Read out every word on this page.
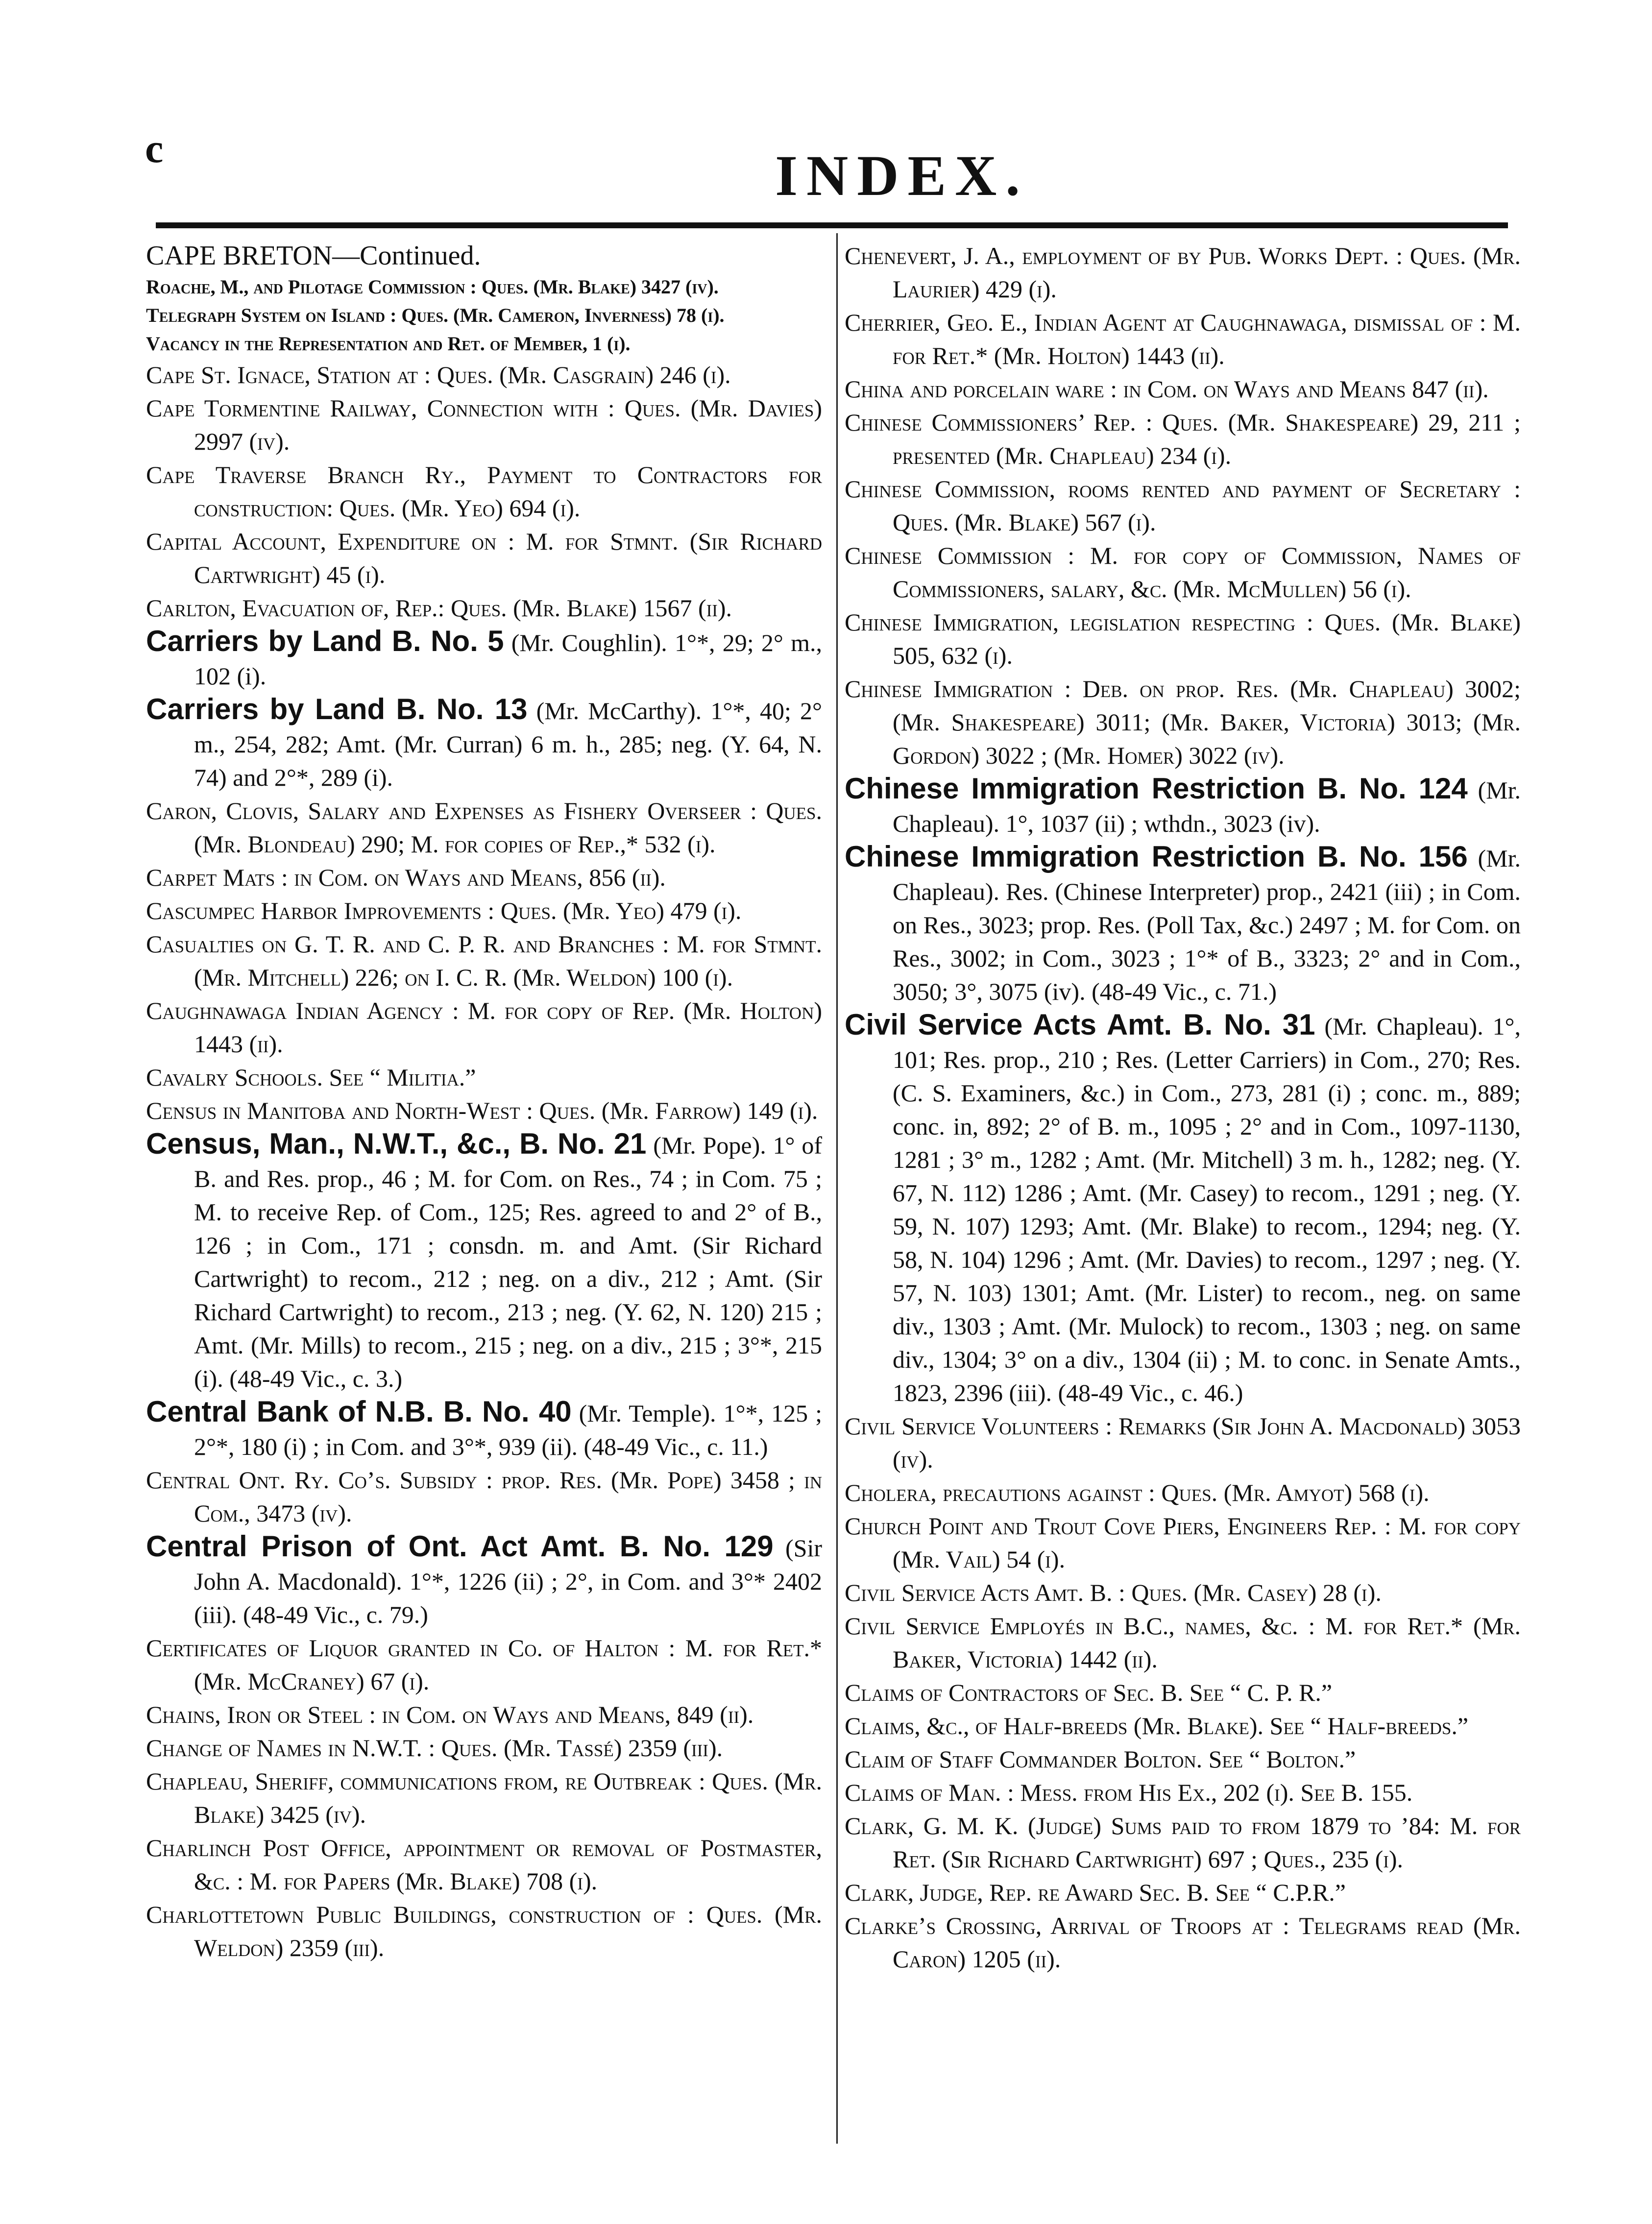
c	INDEX.
CAPE BRETON—Continued.
Roache, M., and Pilotage Commission : Ques. (Mr. Blake) 3427 (iv).
Telegraph System on Island : Ques. (Mr. Cameron, Inverness) 78 (i).
Vacancy in the Representation and Ret. of Member, 1 (i).
Cape St. Ignace, Station at : Ques. (Mr. Casgrain) 246 (i).
Cape Tormentine Railway, Connection with : Ques. (Mr. Davies) 2997 (iv).
Cape Traverse Branch Ry., Payment to Contractors for construction: Ques. (Mr. Yeo) 694 (i).
Capital Account, Expenditure on : M. for Stmnt. (Sir Richard Cartwright) 45 (i).
Carlton, Evacuation of, Rep.: Ques. (Mr. Blake) 1567 (ii).
Carriers by Land B. No. 5 (Mr. Coughlin). 1°*, 29; 2° m., 102 (i).
Carriers by Land B. No. 13 (Mr. McCarthy). 1°*, 40; 2° m., 254, 282; Amt. (Mr. Curran) 6 m. h., 285; neg. (Y. 64, N. 74) and 2°*, 289 (i).
Caron, Clovis, Salary and Expenses as Fishery Overseer : Ques. (Mr. Blondeau) 290; M. for copies of Rep.,* 532 (i).
Carpet Mats : in Com. on Ways and Means, 856 (ii).
Cascumpec Harbor Improvements : Ques. (Mr. Yeo) 479 (i).
Casualties on G. T. R. and C. P. R. and Branches : M. for Stmnt. (Mr. Mitchell) 226; on I. C. R. (Mr. Weldon) 100 (i).
Caughnawaga Indian Agency : M. for copy of Rep. (Mr. Holton) 1443 (ii).
Cavalry Schools. See “ Militia.”
Census in Manitoba and North-West : Ques. (Mr. Farrow) 149 (i).
Census, Man., N.W.T., &c., B. No. 21 (Mr. Pope). 1° of B. and Res. prop., 46 ; M. for Com. on Res., 74 ; in Com. 75 ; M. to receive Rep. of Com., 125; Res. agreed to and 2° of B., 126 ; in Com., 171 ; consdn. m. and Amt. (Sir Richard Cartwright) to recom., 212 ; neg. on a div., 212 ; Amt. (Sir Richard Cartwright) to recom., 213 ; neg. (Y. 62, N. 120) 215 ; Amt. (Mr. Mills) to recom., 215 ; neg. on a div., 215 ; 3°*, 215 (i). (48-49 Vic., c. 3.)
Central Bank of N.B. B. No. 40 (Mr. Temple). 1°*, 125 ; 2°*, 180 (i) ; in Com. and 3°*, 939 (ii). (48-49 Vic., c. 11.)
Central Ont. Ry. Co’s. Subsidy : prop. Res. (Mr. Pope) 3458 ; in Com., 3473 (iv).
Central Prison of Ont. Act Amt. B. No. 129 (Sir John A. Macdonald). 1°*, 1226 (ii) ; 2°, in Com. and 3°* 2402 (iii). (48-49 Vic., c. 79.)
Certificates of Liquor granted in Co. of Halton : M. for Ret.* (Mr. McCraney) 67 (i).
Chains, Iron or Steel : in Com. on Ways and Means, 849 (ii).
Change of Names in N.W.T. : Ques. (Mr. Tassé) 2359 (iii).
Chapleau, Sheriff, communications from, re Outbreak : Ques. (Mr. Blake) 3425 (iv).
Charlinch Post Office, appointment or removal of Postmaster, &c. : M. for Papers (Mr. Blake) 708 (i).
Charlottetown Public Buildings, construction of : Ques. (Mr. Weldon) 2359 (iii).
Chenevert, J. A., employment of by Pub. Works Dept. : Ques. (Mr. Laurier) 429 (i).
Cherrier, Geo. E., Indian Agent at Caughnawaga, dismissal of : M. for Ret.* (Mr. Holton) 1443 (ii).
China and porcelain ware : in Com. on Ways and Means 847 (ii).
Chinese Commissioners’ Rep. : Ques. (Mr. Shakespeare) 29, 211 ; presented (Mr. Chapleau) 234 (i).
Chinese Commission, rooms rented and payment of Secretary : Ques. (Mr. Blake) 567 (i).
Chinese Commission : M. for copy of Commission, Names of Commissioners, salary, &c. (Mr. McMullen) 56 (i).
Chinese Immigration, legislation respecting : Ques. (Mr. Blake) 505, 632 (i).
Chinese Immigration : Deb. on prop. Res. (Mr. Chapleau) 3002; (Mr. Shakespeare) 3011; (Mr. Baker, Victoria) 3013; (Mr. Gordon) 3022 ; (Mr. Homer) 3022 (iv).
Chinese Immigration Restriction B. No. 124 (Mr. Chapleau). 1°, 1037 (ii) ; wthdn., 3023 (iv).
Chinese Immigration Restriction B. No. 156 (Mr. Chapleau). Res. (Chinese Interpreter) prop., 2421 (iii) ; in Com. on Res., 3023; prop. Res. (Poll Tax, &c.) 2497 ; M. for Com. on Res., 3002; in Com., 3023 ; 1°* of B., 3323; 2° and in Com., 3050; 3°, 3075 (iv). (48-49 Vic., c. 71.)
Civil Service Acts Amt. B. No. 31 (Mr. Chapleau). 1°, 101; Res. prop., 210 ; Res. (Letter Carriers) in Com., 270; Res. (C. S. Examiners, &c.) in Com., 273, 281 (i) ; conc. m., 889; conc. in, 892; 2° of B. m., 1095 ; 2° and in Com., 1097-1130, 1281 ; 3° m., 1282 ; Amt. (Mr. Mitchell) 3 m. h., 1282; neg. (Y. 67, N. 112) 1286 ; Amt. (Mr. Casey) to recom., 1291 ; neg. (Y. 59, N. 107) 1293; Amt. (Mr. Blake) to recom., 1294; neg. (Y. 58, N. 104) 1296 ; Amt. (Mr. Davies) to recom., 1297 ; neg. (Y. 57, N. 103) 1301; Amt. (Mr. Lister) to recom., neg. on same div., 1303 ; Amt. (Mr. Mulock) to recom., 1303 ; neg. on same div., 1304; 3° on a div., 1304 (ii) ; M. to conc. in Senate Amts., 1823, 2396 (iii). (48-49 Vic., c. 46.)
Civil Service Volunteers : Remarks (Sir John A. Macdonald) 3053 (iv).
Cholera, precautions against : Ques. (Mr. Amyot) 568 (i).
Church Point and Trout Cove Piers, Engineers Rep. : M. for copy (Mr. Vail) 54 (i).
Civil Service Acts Amt. B. : Ques. (Mr. Casey) 28 (i).
Civil Service Employés in B.C., names, &c. : M. for Ret.* (Mr. Baker, Victoria) 1442 (ii).
Claims of Contractors of Sec. B. See “ C. P. R.”
Claims, &c., of Half-breeds (Mr. Blake). See “ Half-breeds.”
Claim of Staff Commander Bolton. See “ Bolton.”
Claims of Man. : Mess. from His Ex., 202 (i). See B. 155.
Clark, G. M. K. (Judge) Sums paid to from 1879 to ’84: M. for Ret. (Sir Richard Cartwright) 697 ; Ques., 235 (i).
Clark, Judge, Rep. re Award Sec. B. See “ C.P.R.”
Clarke’s Crossing, Arrival of Troops at : Telegrams read (Mr. Caron) 1205 (ii).
